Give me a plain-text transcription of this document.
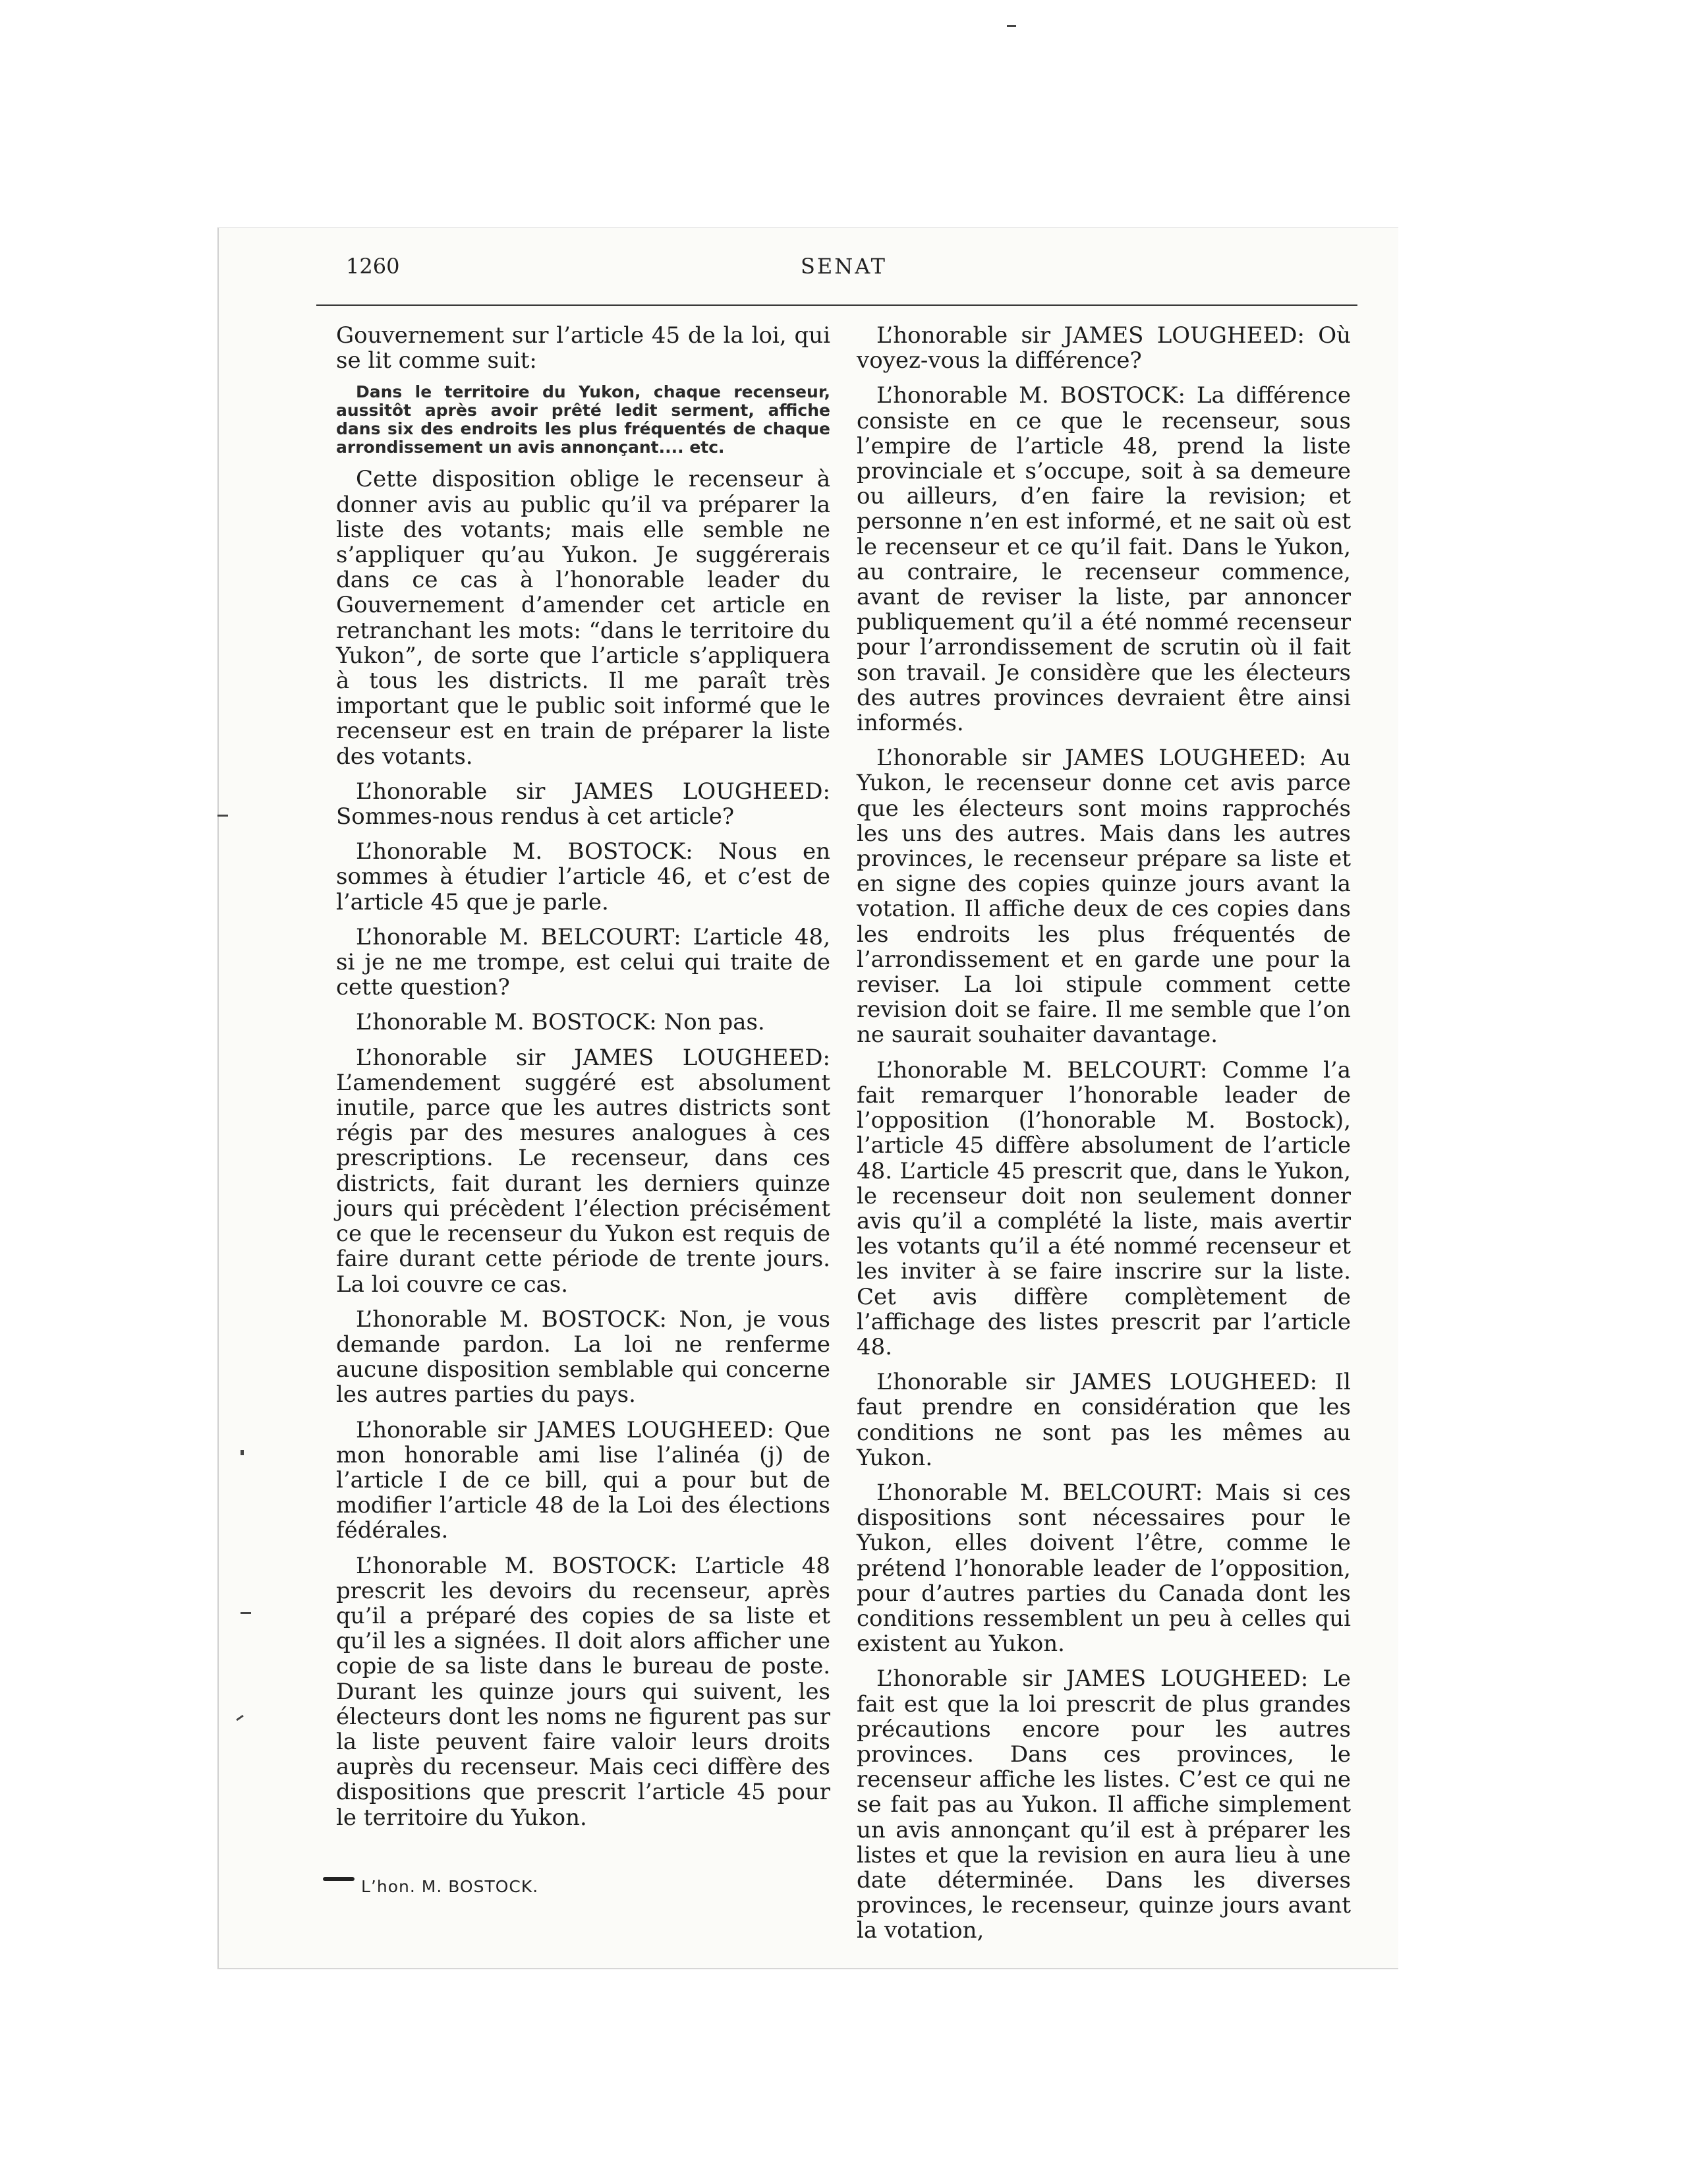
1260	SENAT

Gouvernement sur l’article 45 de la loi, qui se lit comme suit:

Dans le territoire du Yukon, chaque recenseur, aussitôt après avoir prêté ledit serment, affiche dans six des endroits les plus fréquentés de chaque arrondissement un avis annonçant.... etc.

Cette disposition oblige le recenseur à donner avis au public qu’il va préparer la liste des votants; mais elle semble ne s’appliquer qu’au Yukon. Je suggérerais dans ce cas à l’honorable leader du Gouvernement d’amender cet article en retranchant les mots: “dans le territoire du Yukon”, de sorte que l’article s’appliquera à tous les districts. Il me paraît très important que le public soit informé que le recenseur est en train de préparer la liste des votants.

L’honorable sir JAMES LOUGHEED: Sommes-nous rendus à cet article?

L’honorable M. BOSTOCK: Nous en sommes à étudier l’article 46, et c’est de l’article 45 que je parle.

L’honorable M. BELCOURT: L’article 48, si je ne me trompe, est celui qui traite de cette question?

L’honorable M. BOSTOCK: Non pas.

L’honorable sir JAMES LOUGHEED: L’amendement suggéré est absolument inutile, parce que les autres districts sont régis par des mesures analogues à ces prescriptions. Le recenseur, dans ces districts, fait durant les derniers quinze jours qui précèdent l’élection précisément ce que le recenseur du Yukon est requis de faire durant cette période de trente jours. La loi couvre ce cas.

L’honorable M. BOSTOCK: Non, je vous demande pardon. La loi ne renferme aucune disposition semblable qui concerne les autres parties du pays.

L’honorable sir JAMES LOUGHEED: Que mon honorable ami lise l’alinéa (j) de l’article I de ce bill, qui a pour but de modifier l’article 48 de la Loi des élections fédérales.

L’honorable M. BOSTOCK: L’article 48 prescrit les devoirs du recenseur, après qu’il a préparé des copies de sa liste et qu’il les a signées. Il doit alors afficher une copie de sa liste dans le bureau de poste. Durant les quinze jours qui suivent, les électeurs dont les noms ne figurent pas sur la liste peuvent faire valoir leurs droits auprès du recenseur. Mais ceci diffère des dispositions que prescrit l’article 45 pour le territoire du Yukon.

L’hon. M. BOSTOCK.

L’honorable sir JAMES LOUGHEED: Où voyez-vous la différence?

L’honorable M. BOSTOCK: La différence consiste en ce que le recenseur, sous l’empire de l’article 48, prend la liste provinciale et s’occupe, soit à sa demeure ou ailleurs, d’en faire la revision; et personne n’en est informé, et ne sait où est le recenseur et ce qu’il fait. Dans le Yukon, au contraire, le recenseur commence, avant de reviser la liste, par annoncer publiquement qu’il a été nommé recenseur pour l’arrondissement de scrutin où il fait son travail. Je considère que les électeurs des autres provinces devraient être ainsi informés.

L’honorable sir JAMES LOUGHEED: Au Yukon, le recenseur donne cet avis parce que les électeurs sont moins rapprochés les uns des autres. Mais dans les autres provinces, le recenseur prépare sa liste et en signe des copies quinze jours avant la votation. Il affiche deux de ces copies dans les endroits les plus fréquentés de l’arrondissement et en garde une pour la reviser. La loi stipule comment cette revision doit se faire. Il me semble que l’on ne saurait souhaiter davantage.

L’honorable M. BELCOURT: Comme l’a fait remarquer l’honorable leader de l’opposition (l’honorable M. Bostock), l’article 45 diffère absolument de l’article 48. L’article 45 prescrit que, dans le Yukon, le recenseur doit non seulement donner avis qu’il a complété la liste, mais avertir les votants qu’il a été nommé recenseur et les inviter à se faire inscrire sur la liste. Cet avis diffère complètement de l’affichage des listes prescrit par l’article 48.

L’honorable sir JAMES LOUGHEED: Il faut prendre en considération que les conditions ne sont pas les mêmes au Yukon.

L’honorable M. BELCOURT: Mais si ces dispositions sont nécessaires pour le Yukon, elles doivent l’être, comme le prétend l’honorable leader de l’opposition, pour d’autres parties du Canada dont les conditions ressemblent un peu à celles qui existent au Yukon.

L’honorable sir JAMES LOUGHEED: Le fait est que la loi prescrit de plus grandes précautions encore pour les autres provinces. Dans ces provinces, le recenseur affiche les listes. C’est ce qui ne se fait pas au Yukon. Il affiche simplement un avis annonçant qu’il est à préparer les listes et que la revision en aura lieu à une date déterminée. Dans les diverses provinces, le recenseur, quinze jours avant la votation,
